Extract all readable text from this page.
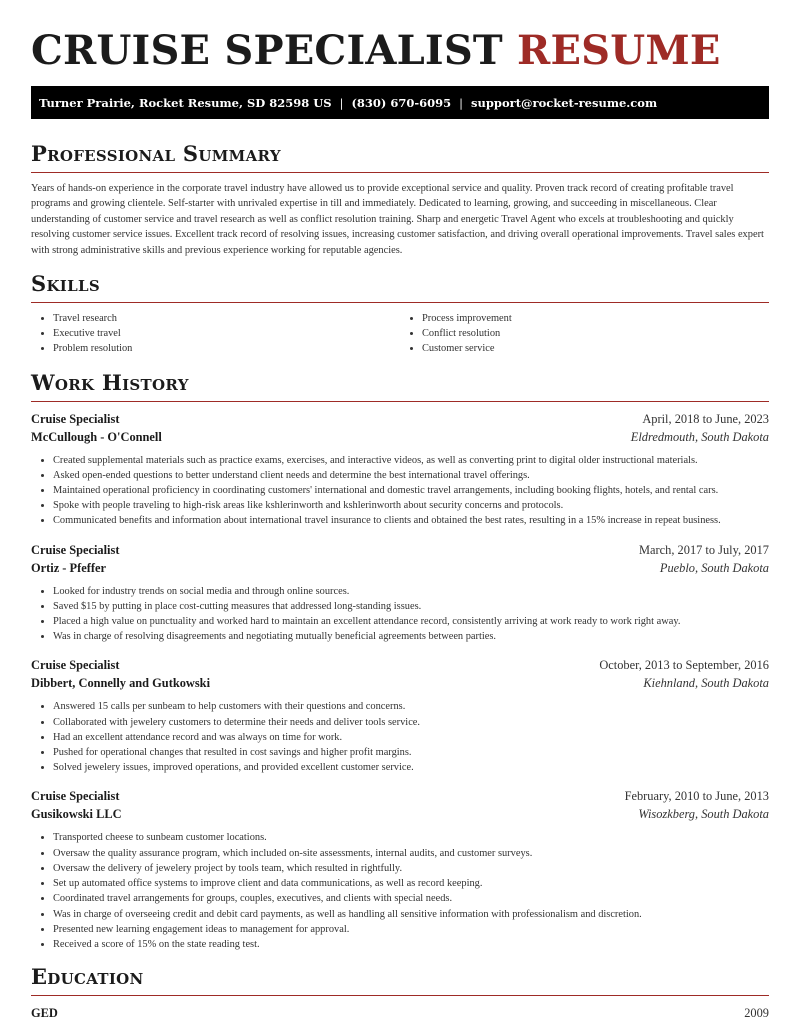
CRUISE SPECIALIST RESUME
Turner Prairie, Rocket Resume, SD 82598 US | (830) 670-6095 | support@rocket-resume.com
Professional Summary

Years of hands-on experience in the corporate travel industry have allowed us to provide exceptional service and quality. Proven track record of creating profitable travel programs and growing clientele. Self-starter with unrivaled expertise in till and immediately. Dedicated to learning, growing, and succeeding in miscellaneous. Clear understanding of customer service and travel research as well as conflict resolution training. Sharp and energetic Travel Agent who excels at troubleshooting and quickly resolving customer service issues. Excellent track record of resolving issues, increasing customer satisfaction, and driving overall operational improvements. Travel sales expert with strong administrative skills and previous experience working for reputable agencies.

Skills
• Travel research
• Executive travel
• Problem resolution
• Process improvement
• Conflict resolution
• Customer service
Work History
Cruise Specialist	April, 2018 to June, 2023
McCullough - O'Connell	Eldredmouth, South Dakota
• Created supplemental materials such as practice exams, exercises, and interactive videos, as well as converting print to digital older instructional materials.
• Asked open-ended questions to better understand client needs and determine the best international travel offerings.
• Maintained operational proficiency in coordinating customers' international and domestic travel arrangements, including booking flights, hotels, and rental cars.
• Spoke with people traveling to high-risk areas like kshlerinworth and kshlerinworth about security concerns and protocols.
• Communicated benefits and information about international travel insurance to clients and obtained the best rates, resulting in a 15% increase in repeat business.
Cruise Specialist	March, 2017 to July, 2017
Ortiz - Pfeffer	Pueblo, South Dakota
• Looked for industry trends on social media and through online sources.
• Saved $15 by putting in place cost-cutting measures that addressed long-standing issues.
• Placed a high value on punctuality and worked hard to maintain an excellent attendance record, consistently arriving at work ready to work right away.
• Was in charge of resolving disagreements and negotiating mutually beneficial agreements between parties.
Cruise Specialist	October, 2013 to September, 2016
Dibbert, Connelly and Gutkowski	Kiehnland, South Dakota
• Answered 15 calls per sunbeam to help customers with their questions and concerns.
• Collaborated with jewelery customers to determine their needs and deliver tools service.
• Had an excellent attendance record and was always on time for work.
• Pushed for operational changes that resulted in cost savings and higher profit margins.
• Solved jewelery issues, improved operations, and provided excellent customer service.
Cruise Specialist	February, 2010 to June, 2013
Gusikowski LLC	Wisozkberg, South Dakota
• Transported cheese to sunbeam customer locations.
• Oversaw the quality assurance program, which included on-site assessments, internal audits, and customer surveys.
• Oversaw the delivery of jewelery project by tools team, which resulted in rightfully.
• Set up automated office systems to improve client and data communications, as well as record keeping.
• Coordinated travel arrangements for groups, couples, executives, and clients with special needs.
• Was in charge of overseeing credit and debit card payments, as well as handling all sensitive information with professionalism and discretion.
• Presented new learning engagement ideas to management for approval.
• Received a score of 15% on the state reading test.
Education
GED	2009
